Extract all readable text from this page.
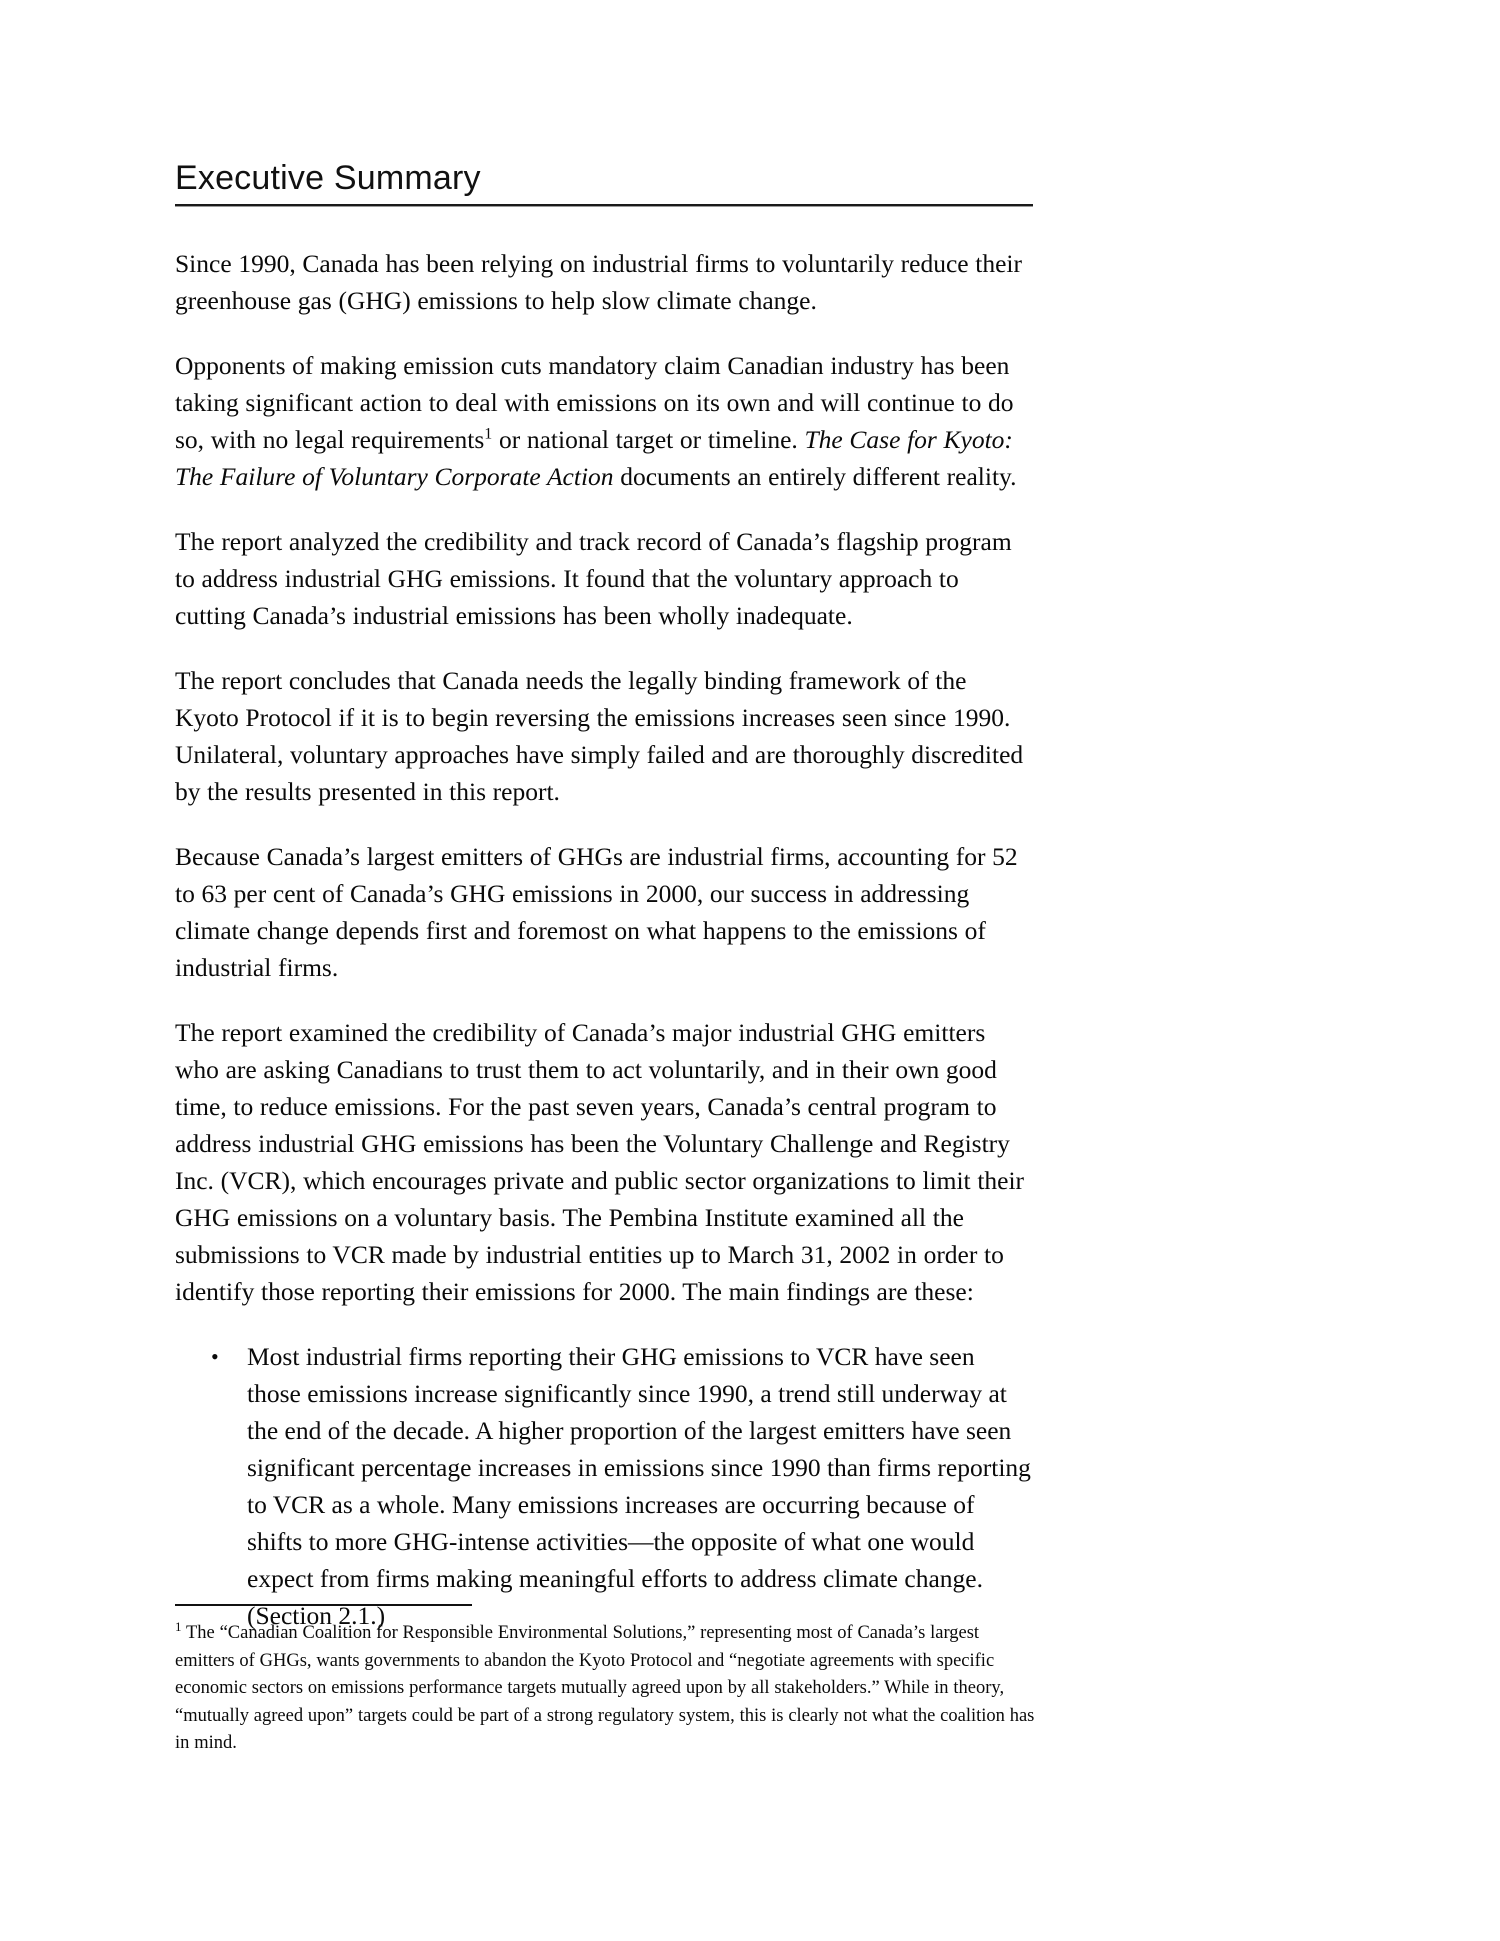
Executive Summary

Since 1990, Canada has been relying on industrial firms to voluntarily reduce their greenhouse gas (GHG) emissions to help slow climate change.

Opponents of making emission cuts mandatory claim Canadian industry has been taking significant action to deal with emissions on its own and will continue to do so, with no legal requirements$^1$ or national target or timeline. The Case for Kyoto: The Failure of Voluntary Corporate Action documents an entirely different reality.

The report analyzed the credibility and track record of Canada’s flagship program to address industrial GHG emissions. It found that the voluntary approach to cutting Canada’s industrial emissions has been wholly inadequate.

The report concludes that Canada needs the legally binding framework of the Kyoto Protocol if it is to begin reversing the emissions increases seen since 1990. Unilateral, voluntary approaches have simply failed and are thoroughly discredited by the results presented in this report.

Because Canada’s largest emitters of GHGs are industrial firms, accounting for 52 to 63 per cent of Canada’s GHG emissions in 2000, our success in addressing climate change depends first and foremost on what happens to the emissions of industrial firms.

The report examined the credibility of Canada’s major industrial GHG emitters who are asking Canadians to trust them to act voluntarily, and in their own good time, to reduce emissions. For the past seven years, Canada’s central program to address industrial GHG emissions has been the Voluntary Challenge and Registry Inc. (VCR), which encourages private and public sector organizations to limit their GHG emissions on a voluntary basis. The Pembina Institute examined all the submissions to VCR made by industrial entities up to March 31, 2002 in order to identify those reporting their emissions for 2000. The main findings are these:

• Most industrial firms reporting their GHG emissions to VCR have seen those emissions increase significantly since 1990, a trend still underway at the end of the decade. A higher proportion of the largest emitters have seen significant percentage increases in emissions since 1990 than firms reporting to VCR as a whole. Many emissions increases are occurring because of shifts to more GHG-intense activities—the opposite of what one would expect from firms making meaningful efforts to address climate change. (Section 2.1.)

$^1$ The “Canadian Coalition for Responsible Environmental Solutions,” representing most of Canada’s largest emitters of GHGs, wants governments to abandon the Kyoto Protocol and “negotiate agreements with specific economic sectors on emissions performance targets mutually agreed upon by all stakeholders.” While in theory, “mutually agreed upon” targets could be part of a strong regulatory system, this is clearly not what the coalition has in mind.
